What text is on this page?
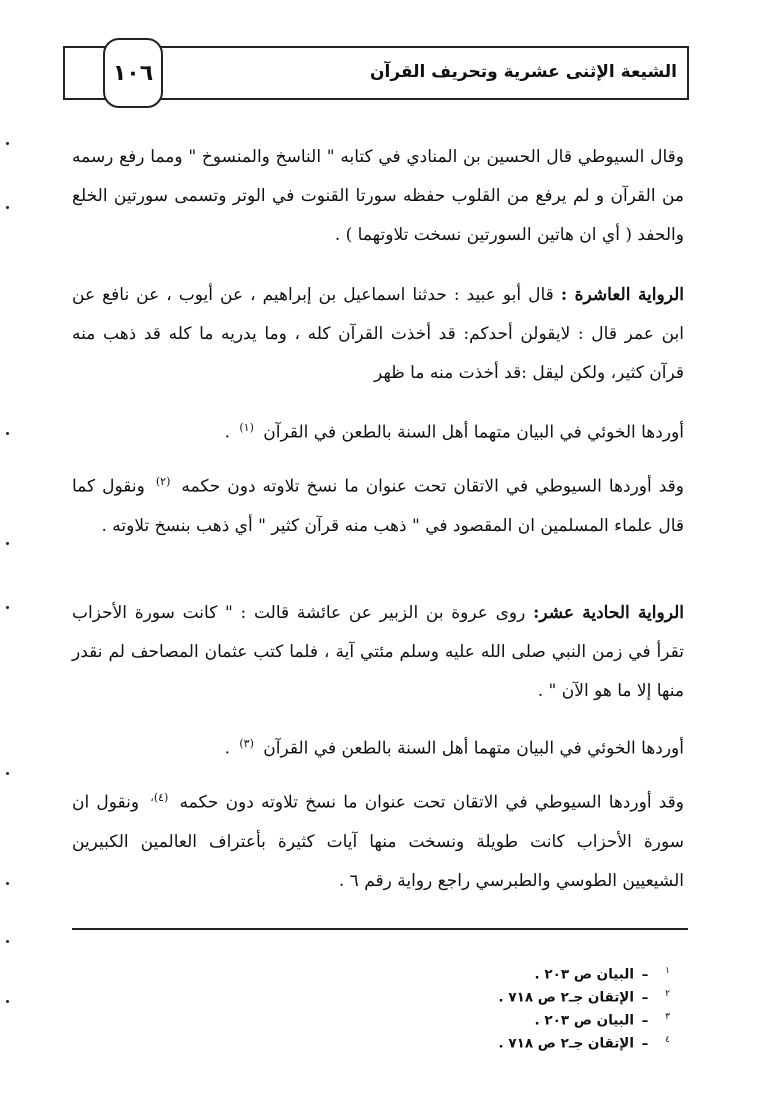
الشيعة الإثنى عشرية وتحريف القرآن
١٠٦
وقال السيوطي قال الحسين بن المنادي في كتابه " الناسخ والمنسوخ " ومما رفع رسمه من القرآن و لم يرفع من القلوب حفظه سورتا القنوت في الوتر وتسمى سورتين الخلع والحفد ( أي ان هاتين السورتين نسخت تلاوتهما ) .
الرواية العاشرة : قال أبو عبيد : حدثنا اسماعيل بن إبراهيم ، عن أيوب ، عن نافع عن ابن عمر قال : لايقولن أحدكم: قد أخذت القرآن كله ، وما يدريه ما كله قد ذهب منه قرآن كثير، ولكن ليقل :قد أخذت منه ما ظهر
أوردها الخوئي في البيان متهما أهل السنة بالطعن في القرآن $^{(١)}$ .
وقد أوردها السيوطي في الاتقان تحت عنوان ما نسخ تلاوته دون حكمه $^{(٢)}$ ونقول كما قال علماء المسلمين ان المقصود في " ذهب منه قرآن كثير " أي ذهب بنسخ تلاوته .
الرواية الحادية عشر: روى عروة بن الزبير عن عائشة قالت : " كانت سورة الأحزاب تقرأ في زمن النبي صلى الله عليه وسلم مئتي آية ، فلما كتب عثمان المصاحف لم نقدر منها إلا ما هو الآن " .
أوردها الخوئي في البيان متهما أهل السنة بالطعن في القرآن $^{(٣)}$ .
وقد أوردها السيوطي في الاتقان تحت عنوان ما نسخ تلاوته دون حكمه $^{(٤)،}$ ونقول ان سورة الأحزاب كانت طويلة ونسخت منها آيات كثيرة بأعتراف العالمين الكبيرين الشيعيين الطوسي والطبرسي راجع رواية رقم ٦ .
١–البيان ص ٢٠٣ .
٢–الإتقان جـ٢ ص ٧١٨ .
٣–البيان ص ٢٠٣ .
٤–الإتقان جـ٢ ص ٧١٨ .
